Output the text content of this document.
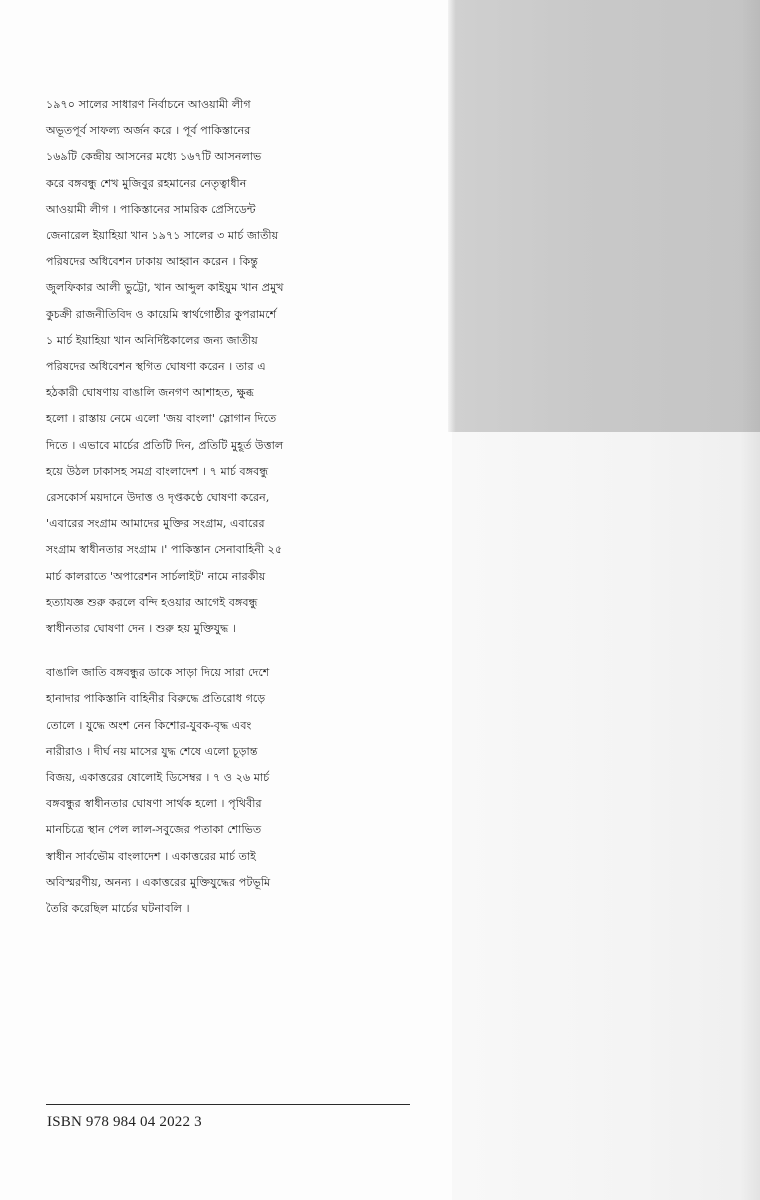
১৯৭০ সালের সাধারণ নির্বাচনে আওয়ামী লীগ
অভূতপূর্ব সাফল্য অর্জন করে । পূর্ব পাকিস্তানের
১৬৯টি কেন্দ্রীয় আসনের মধ্যে ১৬৭টি আসনলাভ
করে বঙ্গবন্ধু শেখ মুজিবুর রহমানের নেতৃত্বাধীন
আওয়ামী লীগ । পাকিস্তানের সামরিক প্রেসিডেন্ট
জেনারেল ইয়াহিয়া খান ১৯৭১ সালের ৩ মার্চ জাতীয়
পরিষদের অধিবেশন ঢাকায় আহ্বান করেন । কিন্তু
জুলফিকার আলী ভুট্টো, খান আব্দুল কাইয়ুম খান প্রমুখ
কুচক্রী রাজনীতিবিদ ও কায়েমি স্বার্থগোষ্ঠীর কুপরামর্শে
১ মার্চ ইয়াহিয়া খান অনির্দিষ্টকালের জন্য জাতীয়
পরিষদের অধিবেশন স্থগিত ঘোষণা করেন । তার এ
হঠকারী ঘোষণায় বাঙালি জনগণ আশাহত, ক্ষুব্ধ
হলো । রাস্তায় নেমে এলো 'জয় বাংলা' স্লোগান দিতে
দিতে । এভাবে মার্চের প্রতিটি দিন, প্রতিটি মুহূর্ত উত্তাল
হয়ে উঠল ঢাকাসহ সমগ্র বাংলাদেশ । ৭ মার্চ বঙ্গবন্ধু
রেসকোর্স ময়দানে উদাত্ত ও দৃপ্তকণ্ঠে ঘোষণা করেন,
'এবারের সংগ্রাম আমাদের মুক্তির সংগ্রাম, এবারের
সংগ্রাম স্বাধীনতার সংগ্রাম ।' পাকিস্তান সেনাবাহিনী ২৫
মার্চ কালরাতে 'অপারেশন সার্চলাইট' নামে নারকীয়
হত্যাযজ্ঞ শুরু করলে বন্দি হওয়ার আগেই বঙ্গবন্ধু
স্বাধীনতার ঘোষণা দেন । শুরু হয় মুক্তিযুদ্ধ ।

বাঙালি জাতি বঙ্গবন্ধুর ডাকে সাড়া দিয়ে সারা দেশে
হানাদার পাকিস্তানি বাহিনীর বিরুদ্ধে প্রতিরোধ গড়ে
তোলে । যুদ্ধে অংশ নেন কিশোর-যুবক-বৃদ্ধ এবং
নারীরাও । দীর্ঘ নয় মাসের যুদ্ধ শেষে এলো চূড়ান্ত
বিজয়, একাত্তরের ষোলোই ডিসেম্বর । ৭ ও ২৬ মার্চ
বঙ্গবন্ধুর স্বাধীনতার ঘোষণা সার্থক হলো । পৃথিবীর
মানচিত্রে স্থান পেল লাল-সবুজের পতাকা শোভিত
স্বাধীন সার্বভৌম বাংলাদেশ । একাত্তরের মার্চ তাই
অবিস্মরণীয়, অনন্য । একাত্তরের মুক্তিযুদ্ধের পটভূমি
তৈরি করেছিল মার্চের ঘটনাবলি ।

ISBN 978 984 04 2022 3
